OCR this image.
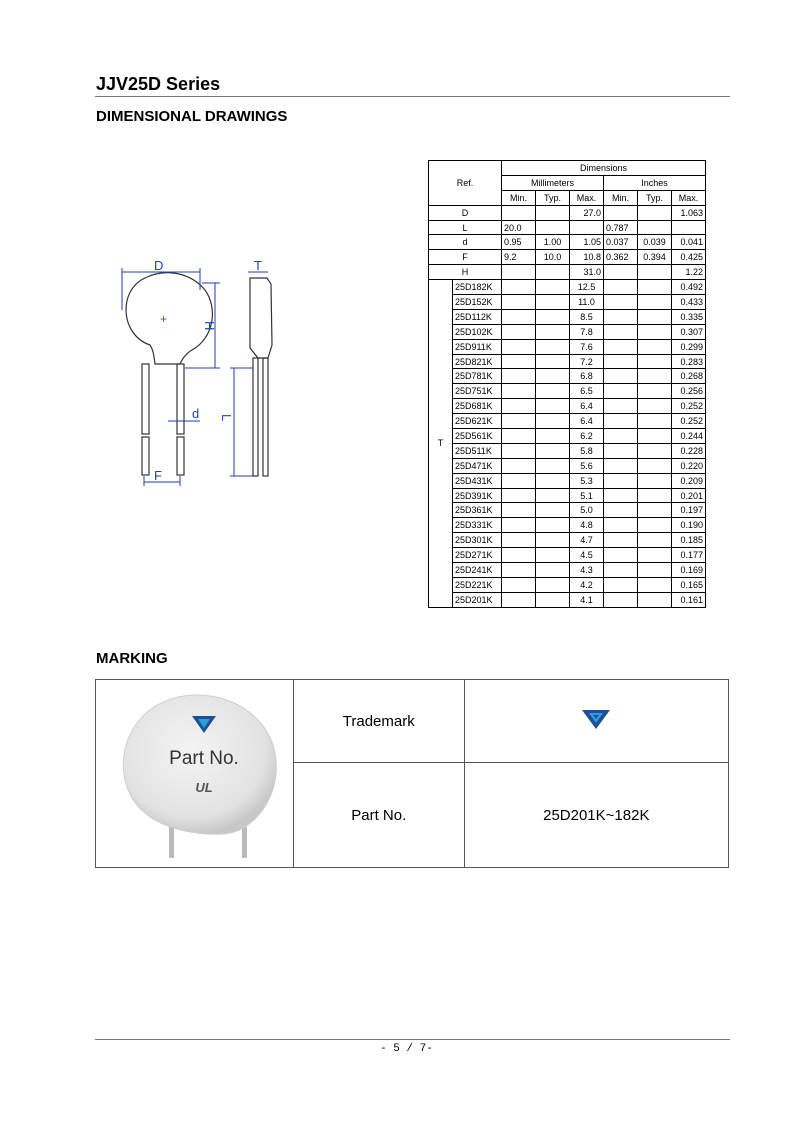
JJV25D Series
DIMENSIONAL DRAWINGS
+
D	T
H
L
d
F
Ref.		Dimensions					
		Millimeters			Inches		
		Min.	Typ.	Max.	Min.	Typ.	Max.
D				27.0			1.063
L		20.0			0.787		
d		0.95	1.00	1.05	0.037	0.039	0.041
F		9.2	10.0	10.8	0.362	0.394	0.425
H				31.0			1.22
T	25D182K			12.5			0.492
	25D152K			11.0			0.433
	25D112K			8.5			0.335
	25D102K			7.8			0.307
	25D911K			7.6			0.299
	25D821K			7.2			0.283
	25D781K			6.8			0.268
	25D751K			6.5			0.256
	25D681K			6.4			0.252
	25D621K			6.4			0.252
	25D561K			6.2			0.244
	25D511K			5.8			0.228
	25D471K			5.6			0.220
	25D431K			5.3			0.209
	25D391K			5.1			0.201
	25D361K			5.0			0.197
	25D331K			4.8			0.190
	25D301K			4.7			0.185
	25D271K			4.5			0.177
	25D241K			4.3			0.169
	25D221K			4.2			0.165
	25D201K			4.1			0.161
MARKING
Part No.
UL	Trademark	
	Part No.	25D201K~182K
- 5 / 7-
